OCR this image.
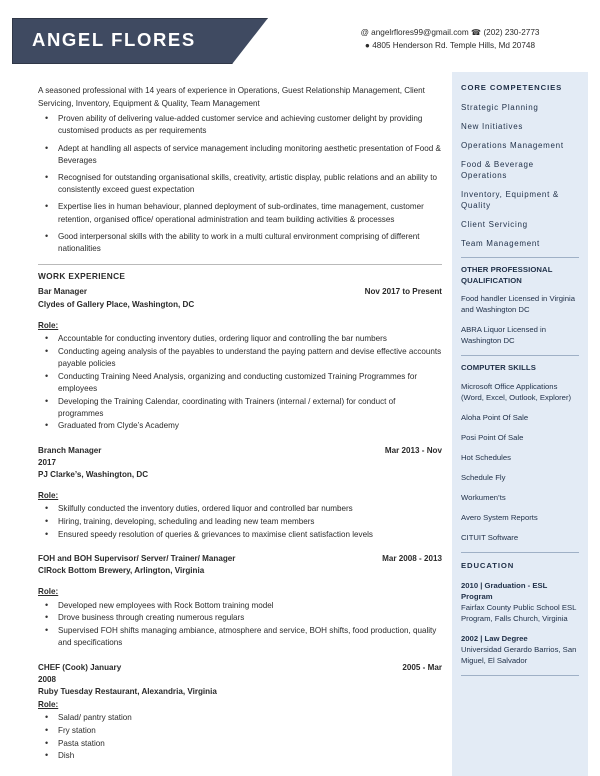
ANGEL FLORES	@ angelrflores99@gmail.com ☎ (202) 230-2773
● 4805 Henderson Rd. Temple Hills, Md 20748

A seasoned professional with 14 years of experience in Operations, Guest Relationship Management, Client Servicing, Inventory, Equipment & Quality, Team Management

• Proven ability of delivering value-added customer service and achieving customer delight by providing customised products as per requirements
• Adept at handling all aspects of service management including monitoring aesthetic presentation of Food & Beverages
• Recognised for outstanding organisational skills, creativity, artistic display, public relations and an ability to consistently exceed guest expectation
• Expertise lies in human behaviour, planned deployment of sub-ordinates, time management, customer retention, organised office/ operational administration and team building activities & processes
• Good interpersonal skills with the ability to work in a multi cultural environment comprising of different nationalities
WORK EXPERIENCE
Bar Manager	Nov 2017 to Present
Clydes of Gallery Place, Washington, DC
Role:
• Accountable for conducting inventory duties, ordering liquor and controlling the bar numbers
• Conducting ageing analysis of the payables to understand the paying pattern and devise effective accounts payable policies
• Conducting Training Need Analysis, organizing and conducting customized Training Programmes for employees
• Developing the Training Calendar, coordinating with Trainers (internal / external) for conduct of programmes
• Graduated from Clyde’s Academy
Branch Manager	Mar 2013 - Nov
2017
PJ Clarke’s, Washington, DC
Role:
• Skilfully conducted the inventory duties, ordered liquor and controlled bar numbers
• Hiring, training, developing, scheduling and leading new team members
• Ensured speedy resolution of queries & grievances to maximise client satisfaction levels
FOH and BOH Supervisor/ Server/ Trainer/ Manager	Mar 2008 - 2013
ClRock Bottom Brewery, Arlington, Virginia
Role:
• Developed new employees with Rock Bottom training model
• Drove business through creating numerous regulars
• Supervised FOH shifts managing ambiance, atmosphere and service, BOH shifts, food production, quality and specifications
CHEF (Cook) January	2005 - Mar
2008
Ruby Tuesday Restaurant, Alexandria, Virginia
Role:
• Salad/ pantry station
• Fry station
• Pasta station
• Dish
CORE COMPETENCIES
Strategic Planning
New Initiatives
Operations Management
Food & Beverage Operations
Inventory, Equipment & Quality
Client Servicing
Team Management
OTHER PROFESSIONAL
QUALIFICATION
Food handler Licensed in Virginia and Washington DC
ABRA Liquor Licensed in Washington DC
COMPUTER SKILLS
Microsoft Office Applications (Word, Excel, Outlook, Explorer)
Aloha Point Of Sale
Posi Point Of Sale
Hot Schedules
Schedule Fly
Workumen’ts
Avero System Reports
CITUIT Software
EDUCATION
2010 | Graduation - ESL Program
Fairfax County Public School ESL Program, Falls Church, Virginia
2002 | Law Degree
Universidad Gerardo Barrios, San Miguel, El Salvador
